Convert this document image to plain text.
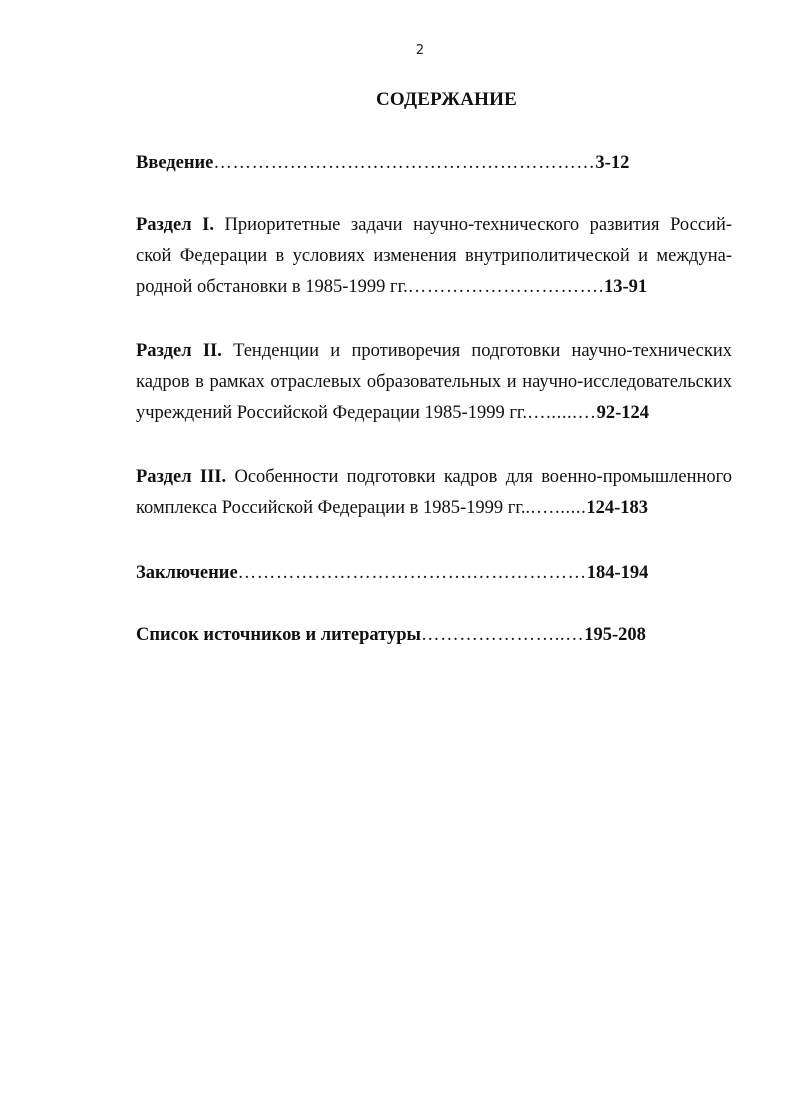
2
СОДЕРЖАНИЕ
Введение……………………………………………………3-12
Раздел I. Приоритетные задачи научно-технического развития Россий-
ской Федерации в условиях изменения внутриполитической и междуна-
родной обстановки в 1985-1999 гг.………………………….13-91
Раздел II. Тенденции и противоречия подготовки научно-технических
кадров в рамках отраслевых образовательных и научно-исследовательских
учреждений Российской Федерации 1985-1999 гг.…......…92-124
Раздел III. Особенности подготовки кадров для военно-промышленного
комплекса Российской Федерации в 1985-1999 гг...…......124-183
Заключение……………………………….………………184-194
Список источников и литературы…………………..…195-208
